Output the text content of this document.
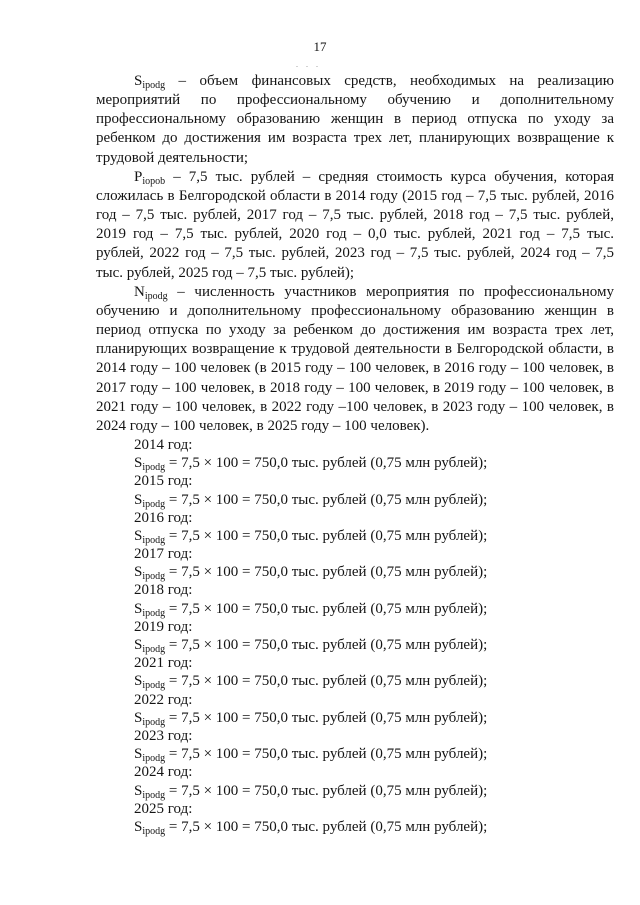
17
. . .

$S_{ipodg}$ – объем финансовых средств, необходимых на реализацию мероприятий по профессиональному обучению и дополнительному профессиональному образованию женщин в период отпуска по уходу за ребенком до достижения им возраста трех лет, планирующих возвращение к трудовой деятельности;

$P_{iopob} - 7,5$ тыс. рублей – средняя стоимость курса обучения, которая сложилась в Белгородской области в 2014 году (2015 год – 7,5 тыс. рублей, 2016 год – 7,5 тыс. рублей, 2017 год – 7,5 тыс. рублей, 2018 год – 7,5 тыс. рублей, 2019 год – 7,5 тыс. рублей, 2020 год – 0,0 тыс. рублей, 2021 год – 7,5 тыс. рублей, 2022 год – 7,5 тыс. рублей, 2023 год – 7,5 тыс. рублей, 2024 год – 7,5 тыс. рублей, 2025 год – 7,5 тыс. рублей);

$N_{ipodg}$ – численность участников мероприятия по профессиональному обучению и дополнительному профессиональному образованию женщин в период отпуска по уходу за ребенком до достижения им возраста трех лет, планирующих возвращение к трудовой деятельности в Белгородской области, в 2014 году – 100 человек (в 2015 году – 100 человек, в 2016 году – 100 человек, в 2017 году – 100 человек, в 2018 году – 100 человек, в 2019 году – 100 человек, в 2021 году – 100 человек, в 2022 году –100 человек, в 2023 году – 100 человек, в 2024 году – 100 человек, в 2025 году – 100 человек).

2014 год:

$S_{ipodg} = 7,5 \times 100 = 750,0$ тыс. рублей (0,75 млн рублей);

2015 год:

$S_{ipodg} = 7,5 \times 100 = 750,0$ тыс. рублей (0,75 млн рублей);

2016 год:

$S_{ipodg} = 7,5 \times 100 = 750,0$ тыс. рублей (0,75 млн рублей);

2017 год:

$S_{ipodg} = 7,5 \times 100 = 750,0$ тыс. рублей (0,75 млн рублей);

2018 год:

$S_{ipodg} = 7,5 \times 100 = 750,0$ тыс. рублей (0,75 млн рублей);

2019 год:

$S_{ipodg} = 7,5 \times 100 = 750,0$ тыс. рублей (0,75 млн рублей);

2021 год:

$S_{ipodg} = 7,5 \times 100 = 750,0$ тыс. рублей (0,75 млн рублей);

2022 год:

$S_{ipodg} = 7,5 \times 100 = 750,0$ тыс. рублей (0,75 млн рублей);

2023 год:

$S_{ipodg} = 7,5 \times 100 = 750,0$ тыс. рублей (0,75 млн рублей);

2024 год:

$S_{ipodg} = 7,5 \times 100 = 750,0$ тыс. рублей (0,75 млн рублей);

2025 год:

$S_{ipodg} = 7,5 \times 100 = 750,0$ тыс. рублей (0,75 млн рублей);
